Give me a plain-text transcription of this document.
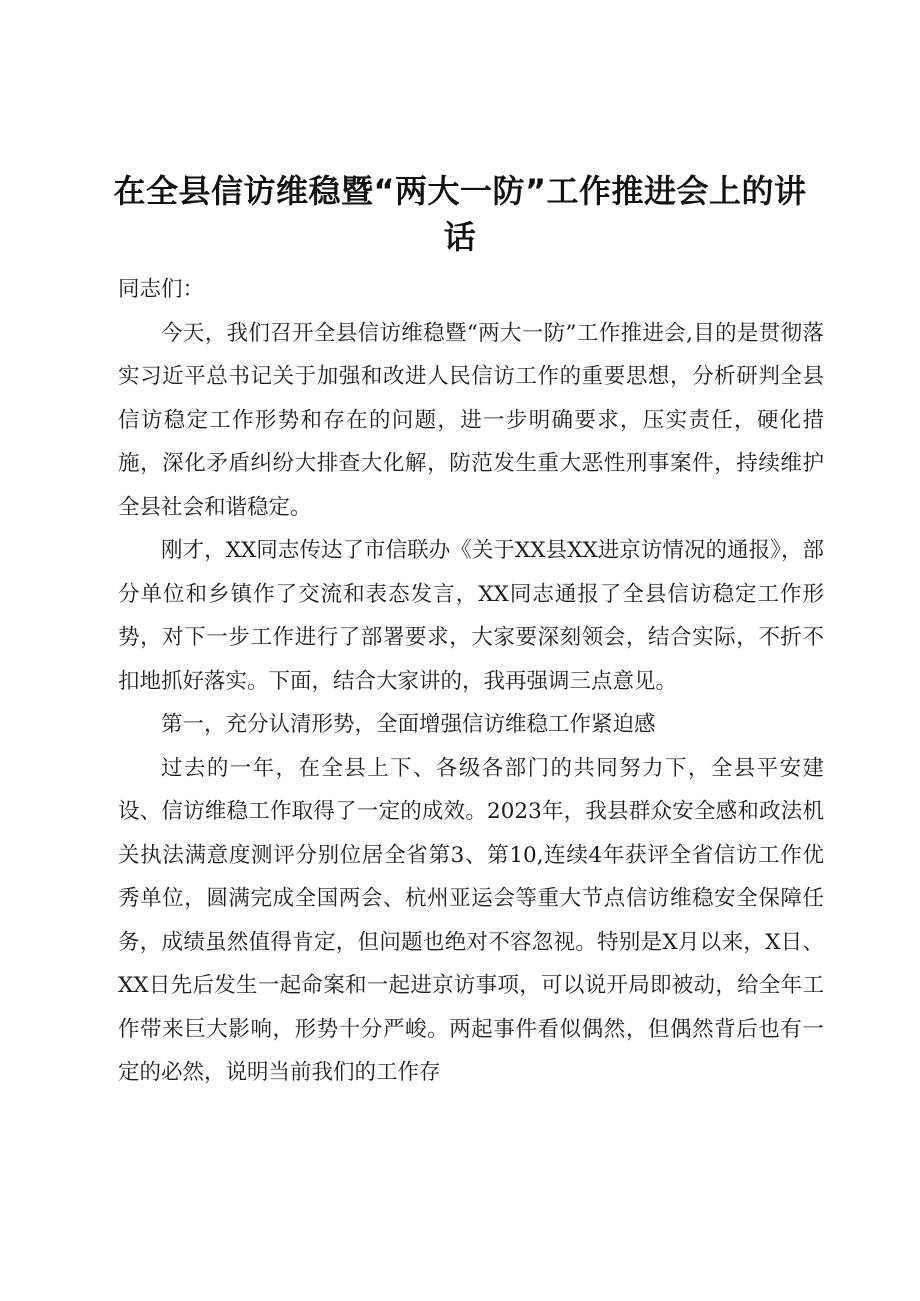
在全县信访维稳暨“两大一防”工作推进会上的讲话

同志们：

今天，我们召开全县信访维稳暨“两大一防”工作推进会,目的是贯彻落实习近平总书记关于加强和改进人民信访工作的重要思想，分析研判全县信访稳定工作形势和存在的问题，进一步明确要求，压实责任，硬化措施，深化矛盾纠纷大排查大化解，防范发生重大恶性刑事案件，持续维护全县社会和谐稳定。

刚才，XX同志传达了市信联办《关于XX县XX进京访情况的通报》，部分单位和乡镇作了交流和表态发言，XX同志通报了全县信访稳定工作形势，对下一步工作进行了部署要求，大家要深刻领会，结合实际，不折不扣地抓好落实。下面，结合大家讲的，我再强调三点意见。

第一，充分认清形势，全面增强信访维稳工作紧迫感

过去的一年，在全县上下、各级各部门的共同努力下，全县平安建设、信访维稳工作取得了一定的成效。2023年，我县群众安全感和政法机关执法满意度测评分别位居全省第3、第10,连续4年获评全省信访工作优秀单位，圆满完成全国两会、杭州亚运会等重大节点信访维稳安全保障任务，成绩虽然值得肯定，但问题也绝对不容忽视。特别是X月以来，X日、XX日先后发生一起命案和一起进京访事项，可以说开局即被动，给全年工作带来巨大影响，形势十分严峻。两起事件看似偶然，但偶然背后也有一定的必然，说明当前我们的工作存
